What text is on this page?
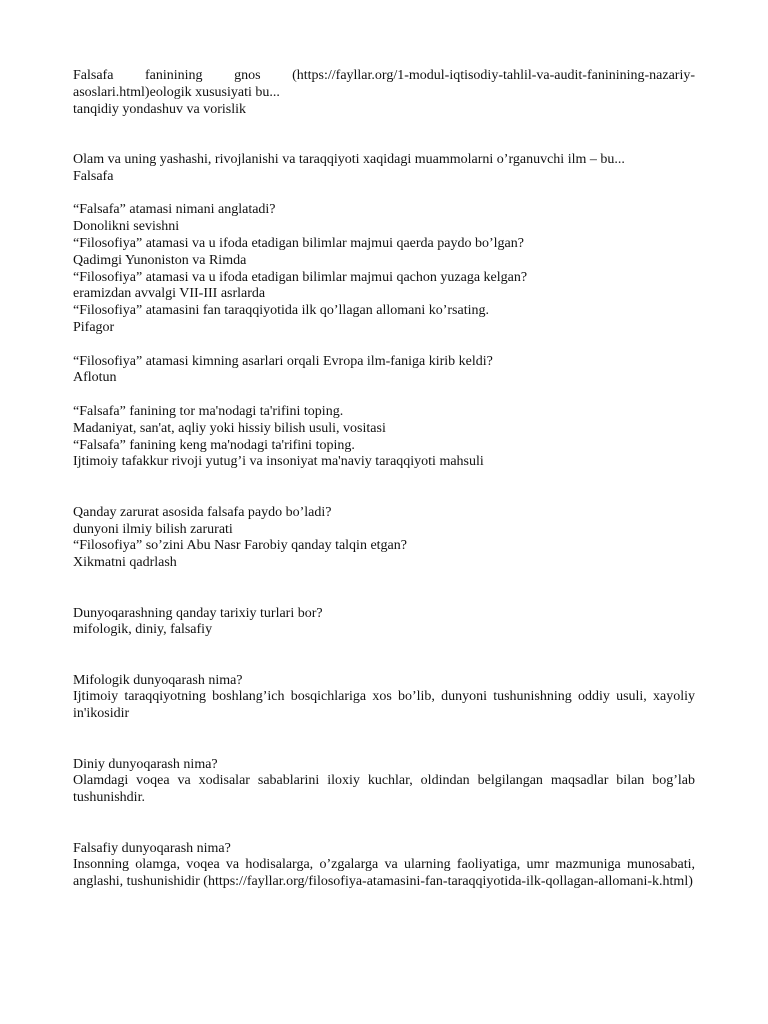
Falsafa faninining gnos (https://fayllar.org/1-modul-iqtisodiy-tahlil-va-audit-faninining-nazariy-asoslari.html)eologik xususiyati bu...

tanqidiy yondashuv va vorislik

Olam va uning yashashi, rivojlanishi va taraqqiyoti xaqidagi muammolarni o’rganuvchi ilm – bu...

Falsafa

“Falsafa” atamasi nimani anglatadi?

Donolikni sevishni

“Filosofiya” atamasi va u ifoda etadigan bilimlar majmui qaerda paydo bo’lgan?

Qadimgi Yunoniston va Rimda

“Filosofiya” atamasi va u ifoda etadigan bilimlar majmui qachon yuzaga kelgan?

eramizdan avvalgi VII-III asrlarda

“Filosofiya” atamasini fan taraqqiyotida ilk qo’llagan allomani ko’rsating.

Pifagor

“Filosofiya” atamasi kimning asarlari orqali Evropa ilm-faniga kirib keldi?

Aflotun

“Falsafa” fanining tor ma'nodagi ta'rifini toping.

Madaniyat, san'at, aqliy yoki hissiy bilish usuli, vositasi

“Falsafa” fanining keng ma'nodagi ta'rifini toping.

Ijtimoiy tafakkur rivoji yutug’i va insoniyat ma'naviy taraqqiyoti mahsuli

Qanday zarurat asosida falsafa paydo bo’ladi?

dunyoni ilmiy bilish zarurati

“Filosofiya” so’zini Abu Nasr Farobiy qanday talqin etgan?

Xikmatni qadrlash

Dunyoqarashning qanday tarixiy turlari bor?

mifologik, diniy, falsafiy

Mifologik dunyoqarash nima?

Ijtimoiy taraqqiyotning boshlang’ich bosqichlariga xos bo’lib, dunyoni tushunishning oddiy usuli, xayoliy in'ikosidir

Diniy dunyoqarash nima?

Olamdagi voqea va xodisalar sabablarini iloxiy kuchlar, oldindan belgilangan maqsadlar bilan bog’lab tushunishdir.

Falsafiy dunyoqarash nima?

Insonning olamga, voqea va hodisalarga, o’zgalarga va ularning faoliyatiga, umr mazmuniga munosabati, anglashi, tushunishidir (https://fayllar.org/filosofiya-atamasini-fan-taraqqiyotida-ilk-qollagan-allomani-k.html)
